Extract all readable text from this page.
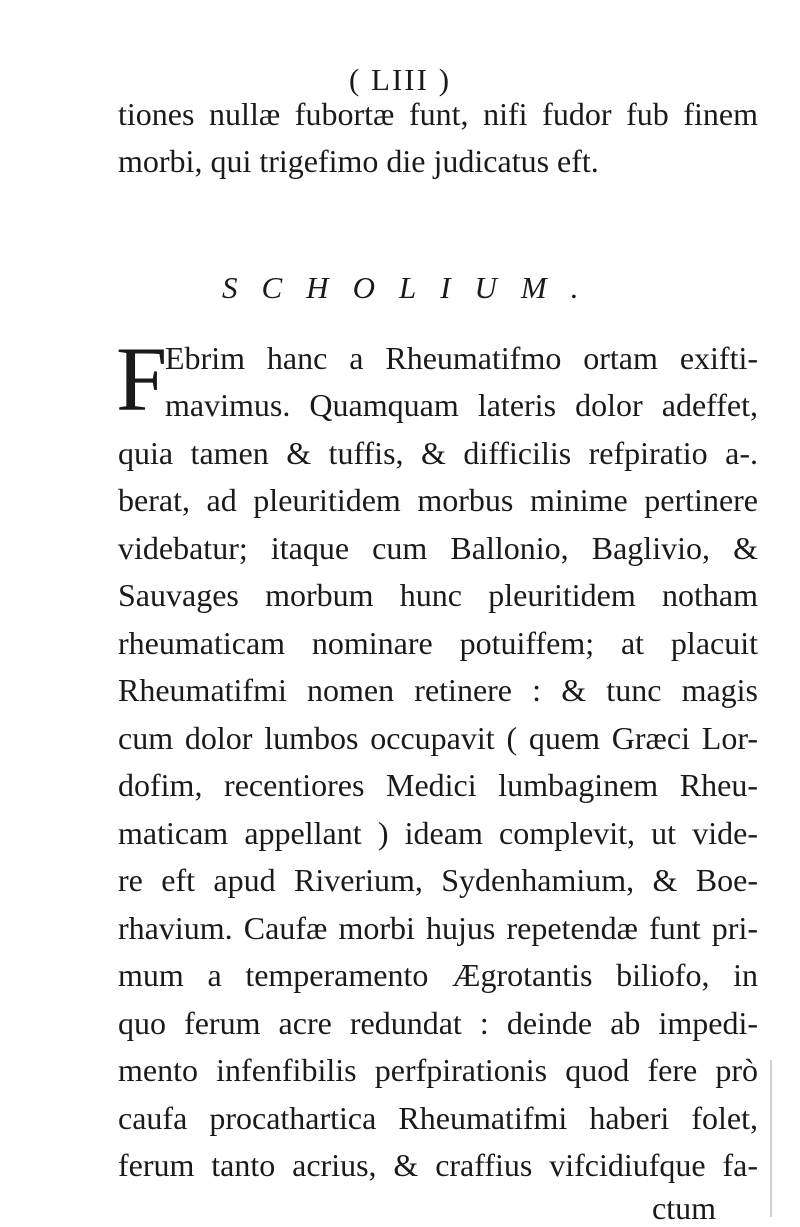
( LIII )
tiones nullæ fubortæ funt, nifi fudor fub finem
morbi, qui trigefimo die judicatus eft.
SCHOLIUM.
F
Ebrim hanc a Rheumatifmo ortam exifti-
mavimus. Quamquam lateris dolor adeffet,
quia tamen & tuffis, & difficilis refpiratio a-.
berat, ad pleuritidem morbus minime pertinere
videbatur; itaque cum Ballonio, Baglivio, &
Sauvages morbum hunc pleuritidem notham
rheumaticam nominare potuiffem; at placuit
Rheumatifmi nomen retinere : & tunc magis
cum dolor lumbos occupavit ( quem Græci Lor-
dofim, recentiores Medici lumbaginem Rheu-
maticam appellant ) ideam complevit, ut vide-
re eft apud Riverium, Sydenhamium, & Boe-
rhavium. Caufæ morbi hujus repetendæ funt pri-
mum a temperamento Ægrotantis biliofo, in
quo ferum acre redundat : deinde ab impedi-
mento infenfibilis perfpirationis quod fere prò
caufa procathartica Rheumatifmi haberi folet,
ferum tanto acrius, & craffius vifcidiufque fa-
ctum
